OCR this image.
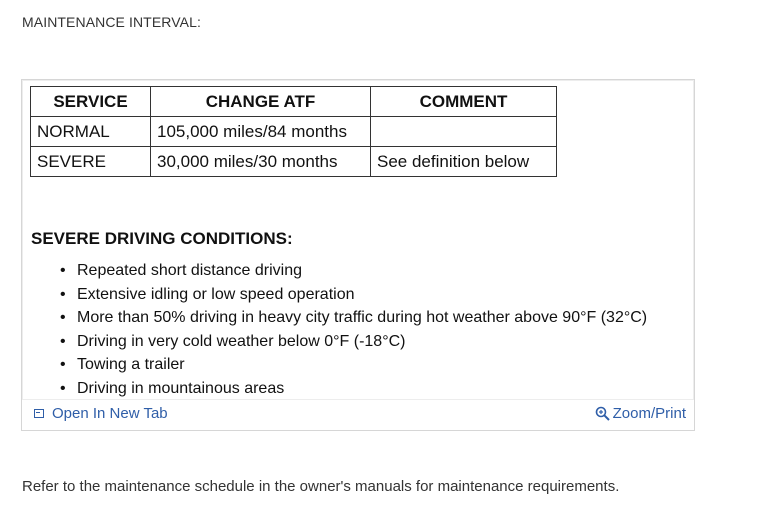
MAINTENANCE INTERVAL:
SERVICE	CHANGE ATF	COMMENT
NORMAL	105,000 miles/84 months	
SEVERE	30,000 miles/30 months	See definition below
SEVERE DRIVING CONDITIONS:
• Repeated short distance driving
• Extensive idling or low speed operation
• More than 50% driving in heavy city traffic during hot weather above 90°F (32°C)
• Driving in very cold weather below 0°F (-18°C)
• Towing a trailer
• Driving in mountainous areas
Open In New Tab	Zoom/Print
Refer to the maintenance schedule in the owner's manuals for maintenance requirements.
